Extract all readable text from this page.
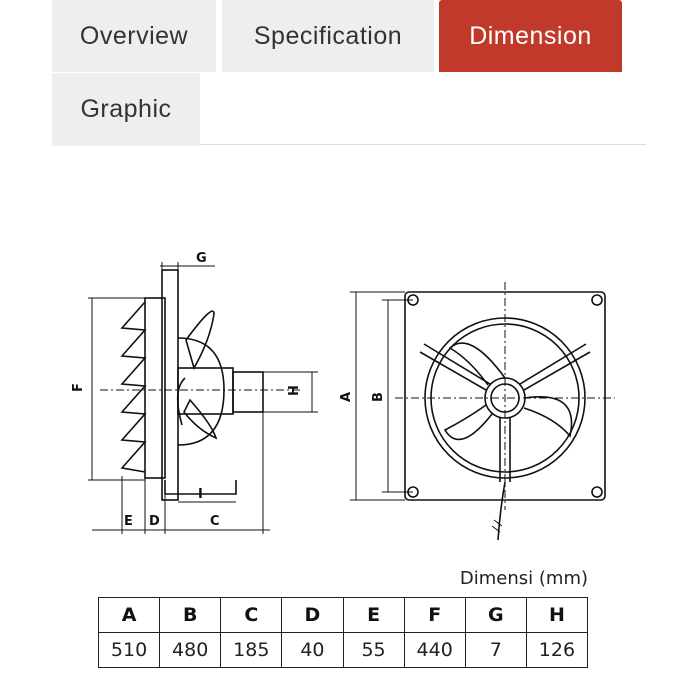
Overview	Specification	Dimension
Graphic
G
F	H
I
E D	C
A B
Dimensi (mm)
A	B	C	D	E	F	G	H
510	480	185	40	55	440	7	126
